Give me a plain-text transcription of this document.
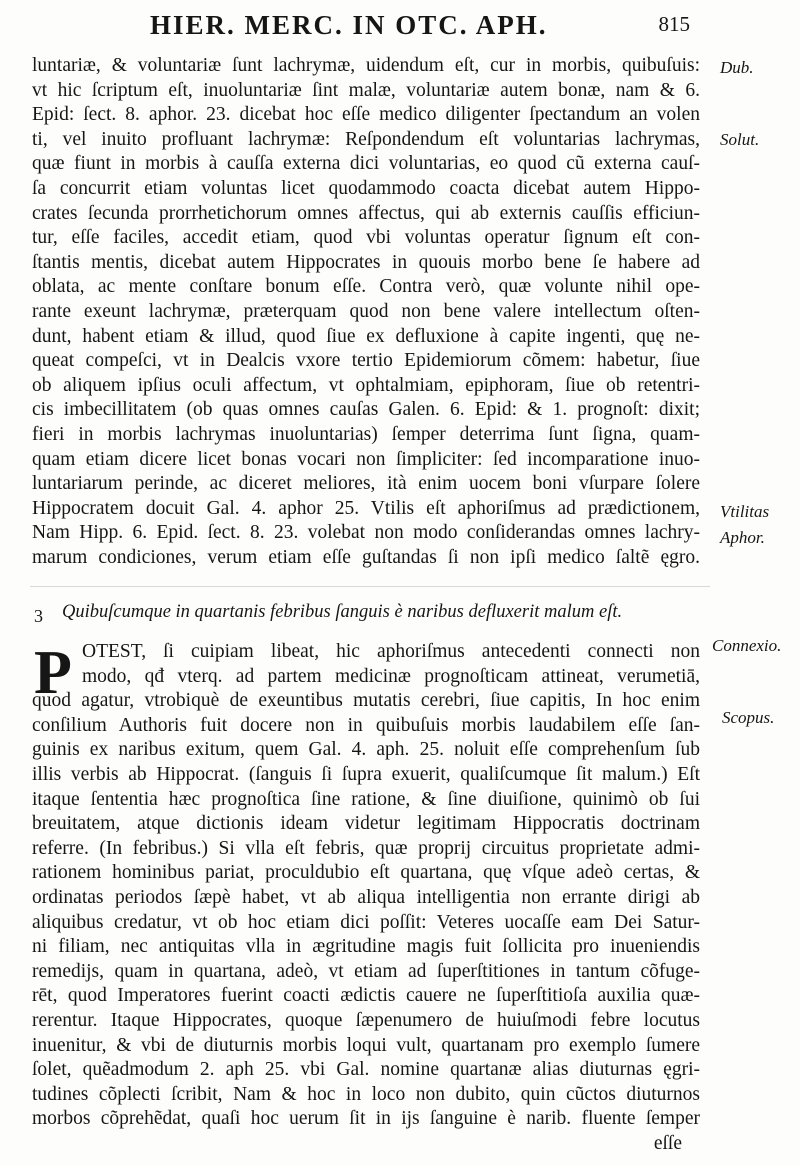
HIER. MERC. IN OTC. APH.	815
luntariæ, & voluntariæ ſunt lachrymæ, uidendum eſt, cur in morbis, quibuſuis:
vt hic ſcriptum eſt, inuoluntariæ ſint malæ, voluntariæ autem bonæ, nam & 6.
Epid: ſect. 8. aphor. 23. dicebat hoc eſſe medico diligenter ſpectandum an volen
ti, vel inuito profluant lachrymæ: Reſpondendum eſt voluntarias lachrymas,
quæ fiunt in morbis à cauſſa externa dici voluntarias, eo quod cũ externa cauſ-
ſa concurrit etiam voluntas licet quodammodo coacta dicebat autem Hippo-
crates ſecunda prorrhetichorum omnes affectus, qui ab externis cauſſis efficiun-
tur, eſſe faciles, accedit etiam, quod vbi voluntas operatur ſignum eſt con-
ſtantis mentis, dicebat autem Hippocrates in quouis morbo bene ſe habere ad
oblata, ac mente conſtare bonum eſſe. Contra verò, quæ volunte nihil ope-
rante exeunt lachrymæ, præterquam quod non bene valere intellectum oſten-
dunt, habent etiam & illud, quod ſiue ex defluxione à capite ingenti, quę ne-
queat compeſci, vt in Dealcis vxore tertio Epidemiorum cõmem: habetur, ſiue
ob aliquem ipſius oculi affectum, vt ophtalmiam, epiphoram, ſiue ob retentri-
cis imbecillitatem (ob quas omnes cauſas Galen. 6. Epid: & 1. prognoſt: dixit;
fieri in morbis lachrymas inuoluntarias) ſemper deterrima ſunt ſigna, quam-
quam etiam dicere licet bonas vocari non ſimpliciter: ſed incomparatione inuo-
luntariarum perinde, ac diceret meliores, ità enim uocem boni vſurpare ſolere
Hippocratem docuit Gal. 4. aphor 25. Vtilis eſt aphoriſmus ad prædictionem,
Nam Hipp. 6. Epid. ſect. 8. 23. volebat non modo conſiderandas omnes lachry-
marum condiciones, verum etiam eſſe guſtandas ſi non ipſi medico ſaltẽ ęgro.
3 Quibuſcumque in quartanis febribus ſanguis è naribus defluxerit malum eſt.
P OTEST, ſi cuipiam libeat, hic aphoriſmus antecedenti connecti non
modo, qđ vterq. ad partem medicinæ prognoſticam attineat, verumetiā,
quod agatur, vtrobiquè de exeuntibus mutatis cerebri, ſiue capitis, In hoc enim
conſilium Authoris fuit docere non in quibuſuis morbis laudabilem eſſe ſan-
guinis ex naribus exitum, quem Gal. 4. aph. 25. noluit eſſe comprehenſum ſub
illis verbis ab Hippocrat. (ſanguis ſi ſupra exuerit, qualiſcumque ſit malum.) Eſt
itaque ſententia hæc prognoſtica ſine ratione, & ſine diuiſione, quinimò ob ſui
breuitatem, atque dictionis ideam videtur legitimam Hippocratis doctrinam
referre. (In febribus.) Si vlla eſt febris, quæ proprij circuitus proprietate admi-
rationem hominibus pariat, proculdubio eſt quartana, quę vſque adeò certas, &
ordinatas periodos ſæpè habet, vt ab aliqua intelligentia non errante dirigi ab
aliquibus credatur, vt ob hoc etiam dici poſſit: Veteres uocaſſe eam Dei Satur-
ni filiam, nec antiquitas vlla in ægritudine magis fuit ſollicita pro inueniendis
remedijs, quam in quartana, adeò, vt etiam ad ſuperſtitiones in tantum cõfuge-
rēt, quod Imperatores fuerint coacti ædictis cauere ne ſuperſtitioſa auxilia quæ-
rerentur. Itaque Hippocrates, quoque ſæpenumero de huiuſmodi febre locutus
inuenitur, & vbi de diuturnis morbis loqui vult, quartanam pro exemplo ſumere
ſolet, quẽadmodum 2. aph 25. vbi Gal. nomine quartanæ alias diuturnas ęgri-
tudines cõplecti ſcribit, Nam & hoc in loco non dubito, quin cũctos diuturnos
morbos cõprehẽdat, quaſi hoc uerum ſit in ijs ſanguine è narib. fluente ſemper
eſſe
Dub.
Solut.
Vtilitas
Aphor.
Connexio.
Scopus.
